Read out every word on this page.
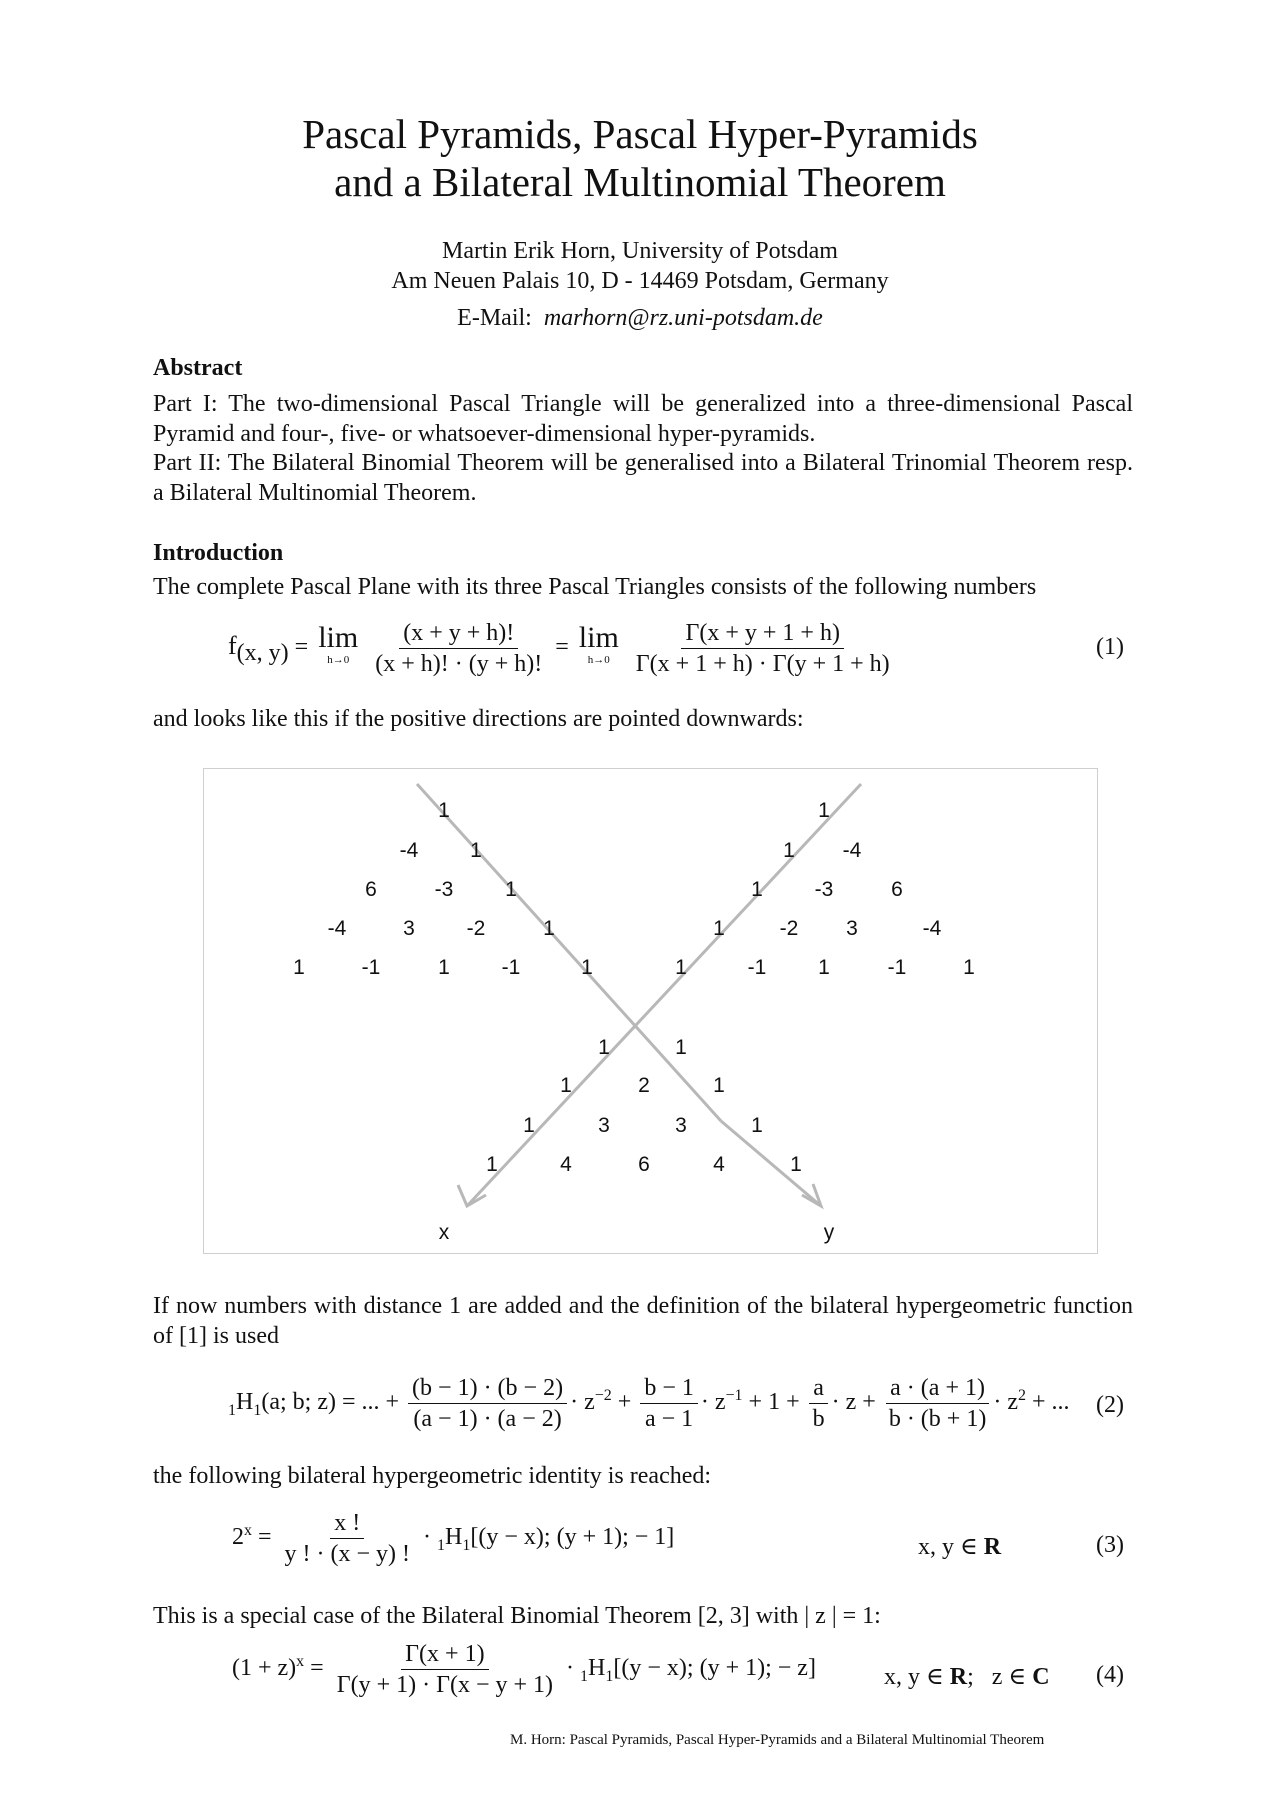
Pascal Pyramids, Pascal Hyper-Pyramids
and a Bilateral Multinomial Theorem
Martin Erik Horn, University of Potsdam
Am Neuen Palais 10, D - 14469 Potsdam, Germany
E-Mail: marhorn@rz.uni-potsdam.de
Abstract
Part I: The two-dimensional Pascal Triangle will be generalized into a three-dimensional Pascal Pyramid and four-, five- or whatsoever-dimensional hyper-pyramids.
Part II: The Bilateral Binomial Theorem will be generalised into a Bilateral Trinomial Theorem resp. a Bilateral Multinomial Theorem.
Introduction
The complete Pascal Plane with its three Pascal Triangles consists of the following numbers
$f_{(x, y)} = \lim$
h→0
$\frac{(x + y + h)!}{(x + h)! \cdot (y + h)!} = \lim$
h→0
$\frac{\Gamma(x + y + 1 + h)}{\Gamma(x + 1 + h) \cdot \Gamma(y + 1 + h)}$	(1)
and looks like this if the positive directions are pointed downwards:
x	y
1	1
-4 1	1 -4
6	-3 1	1 -3	6
-4	3 -2	1	1	-2 3	-4
1	-1	1 -1	1	1	-1 1	-1	1
1	1
1	2	1
1	3	3	1
1	4	6	4	1
If now numbers with distance 1 are added and the definition of the bilateral hypergeometric function of [1] is used
$_1H_1(a$; b; z) = ... + $\frac{(b - 1) \cdot (b - 2)}{(a - 1) \cdot (a - 2)} \cdot z^{-2} + \frac{b - 1}{a - 1} \cdot z^{-1} + 1 + \frac{a}{b} \cdot z + \frac{a \cdot (a + 1)}{b \cdot (b + 1)} \cdot z^2$ + ... (2)
the following bilateral hypergeometric identity is reached:
$2^x = \frac{x !}{y ! \cdot (x - y) !} \cdot _1H_1[(y - x)$; (y + 1); − 1]	x, y ∈ R	(3)
This is a special case of the Bilateral Binomial Theorem [2, 3] with | z | = 1:
$(1 + z)^x = \frac{\Gamma(x + 1)}{\Gamma(y + 1) \cdot \Gamma(x - y + 1)} \cdot _1H_1[(y - x)$; (y + 1); − z]	x, y ∈ R; z ∈ C (4)
M. Horn: Pascal Pyramids, Pascal Hyper-Pyramids and a Bilateral Multinomial Theorem
